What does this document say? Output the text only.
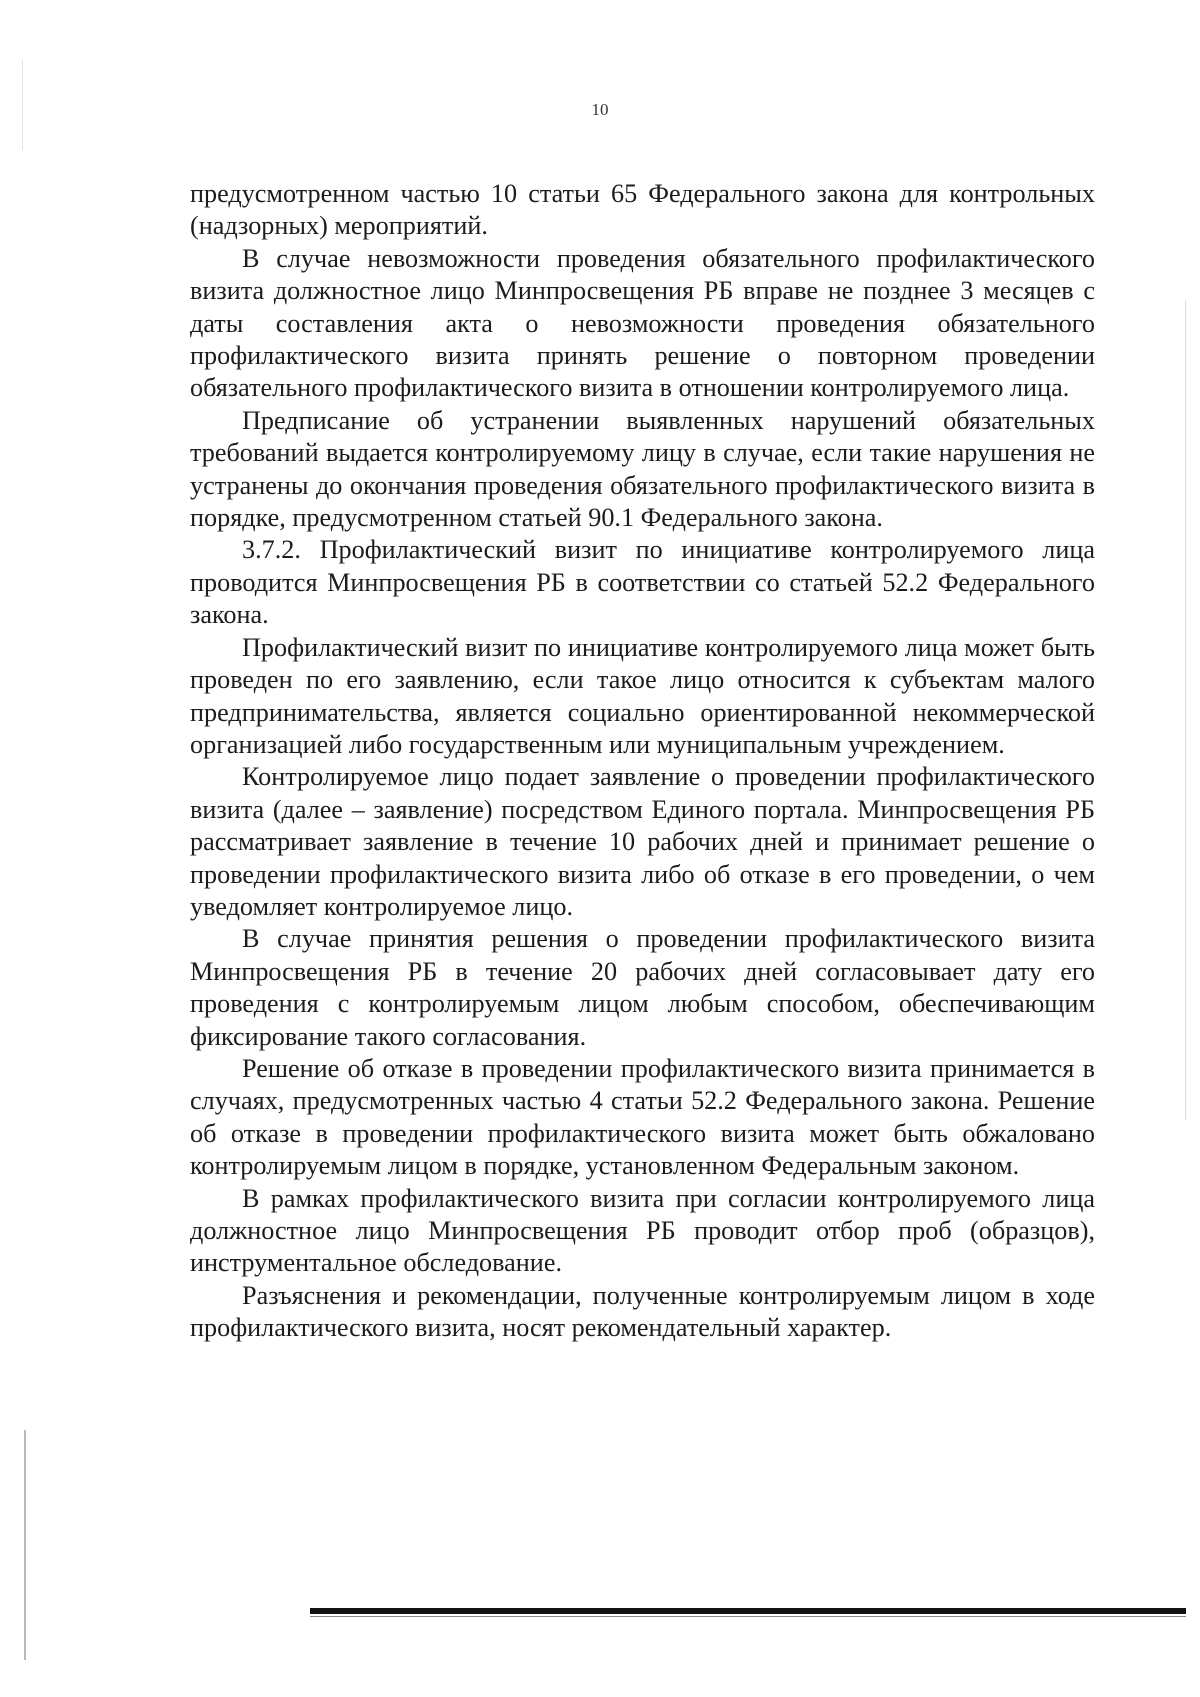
10

предусмотренном частью 10 статьи 65 Федерального закона для контрольных (надзорных) мероприятий.

В случае невозможности проведения обязательного профилактического визита должностное лицо Минпросвещения РБ вправе не позднее 3 месяцев с даты составления акта о невозможности проведения обязательного профилактического визита принять решение о повторном проведении обязательного профилактического визита в отношении контролируемого лица.

Предписание об устранении выявленных нарушений обязательных требований выдается контролируемому лицу в случае, если такие нарушения не устранены до окончания проведения обязательного профилактического визита в порядке, предусмотренном статьей 90.1 Федерального закона.

3.7.2. Профилактический визит по инициативе контролируемого лица проводится Минпросвещения РБ в соответствии со статьей 52.2 Федерального закона.

Профилактический визит по инициативе контролируемого лица может быть проведен по его заявлению, если такое лицо относится к субъектам малого предпринимательства, является социально ориентированной некоммерческой организацией либо государственным или муниципальным учреждением.

Контролируемое лицо подает заявление о проведении профилактического визита (далее – заявление) посредством Единого портала. Минпросвещения РБ рассматривает заявление в течение 10 рабочих дней и принимает решение о проведении профилактического визита либо об отказе в его проведении, о чем уведомляет контролируемое лицо.

В случае принятия решения о проведении профилактического визита Минпросвещения РБ в течение 20 рабочих дней согласовывает дату его проведения с контролируемым лицом любым способом, обеспечивающим фиксирование такого согласования.

Решение об отказе в проведении профилактического визита принимается в случаях, предусмотренных частью 4 статьи 52.2 Федерального закона. Решение об отказе в проведении профилактического визита может быть обжаловано контролируемым лицом в порядке, установленном Федеральным законом.

В рамках профилактического визита при согласии контролируемого лица должностное лицо Минпросвещения РБ проводит отбор проб (образцов), инструментальное обследование.

Разъяснения и рекомендации, полученные контролируемым лицом в ходе профилактического визита, носят рекомендательный характер.
